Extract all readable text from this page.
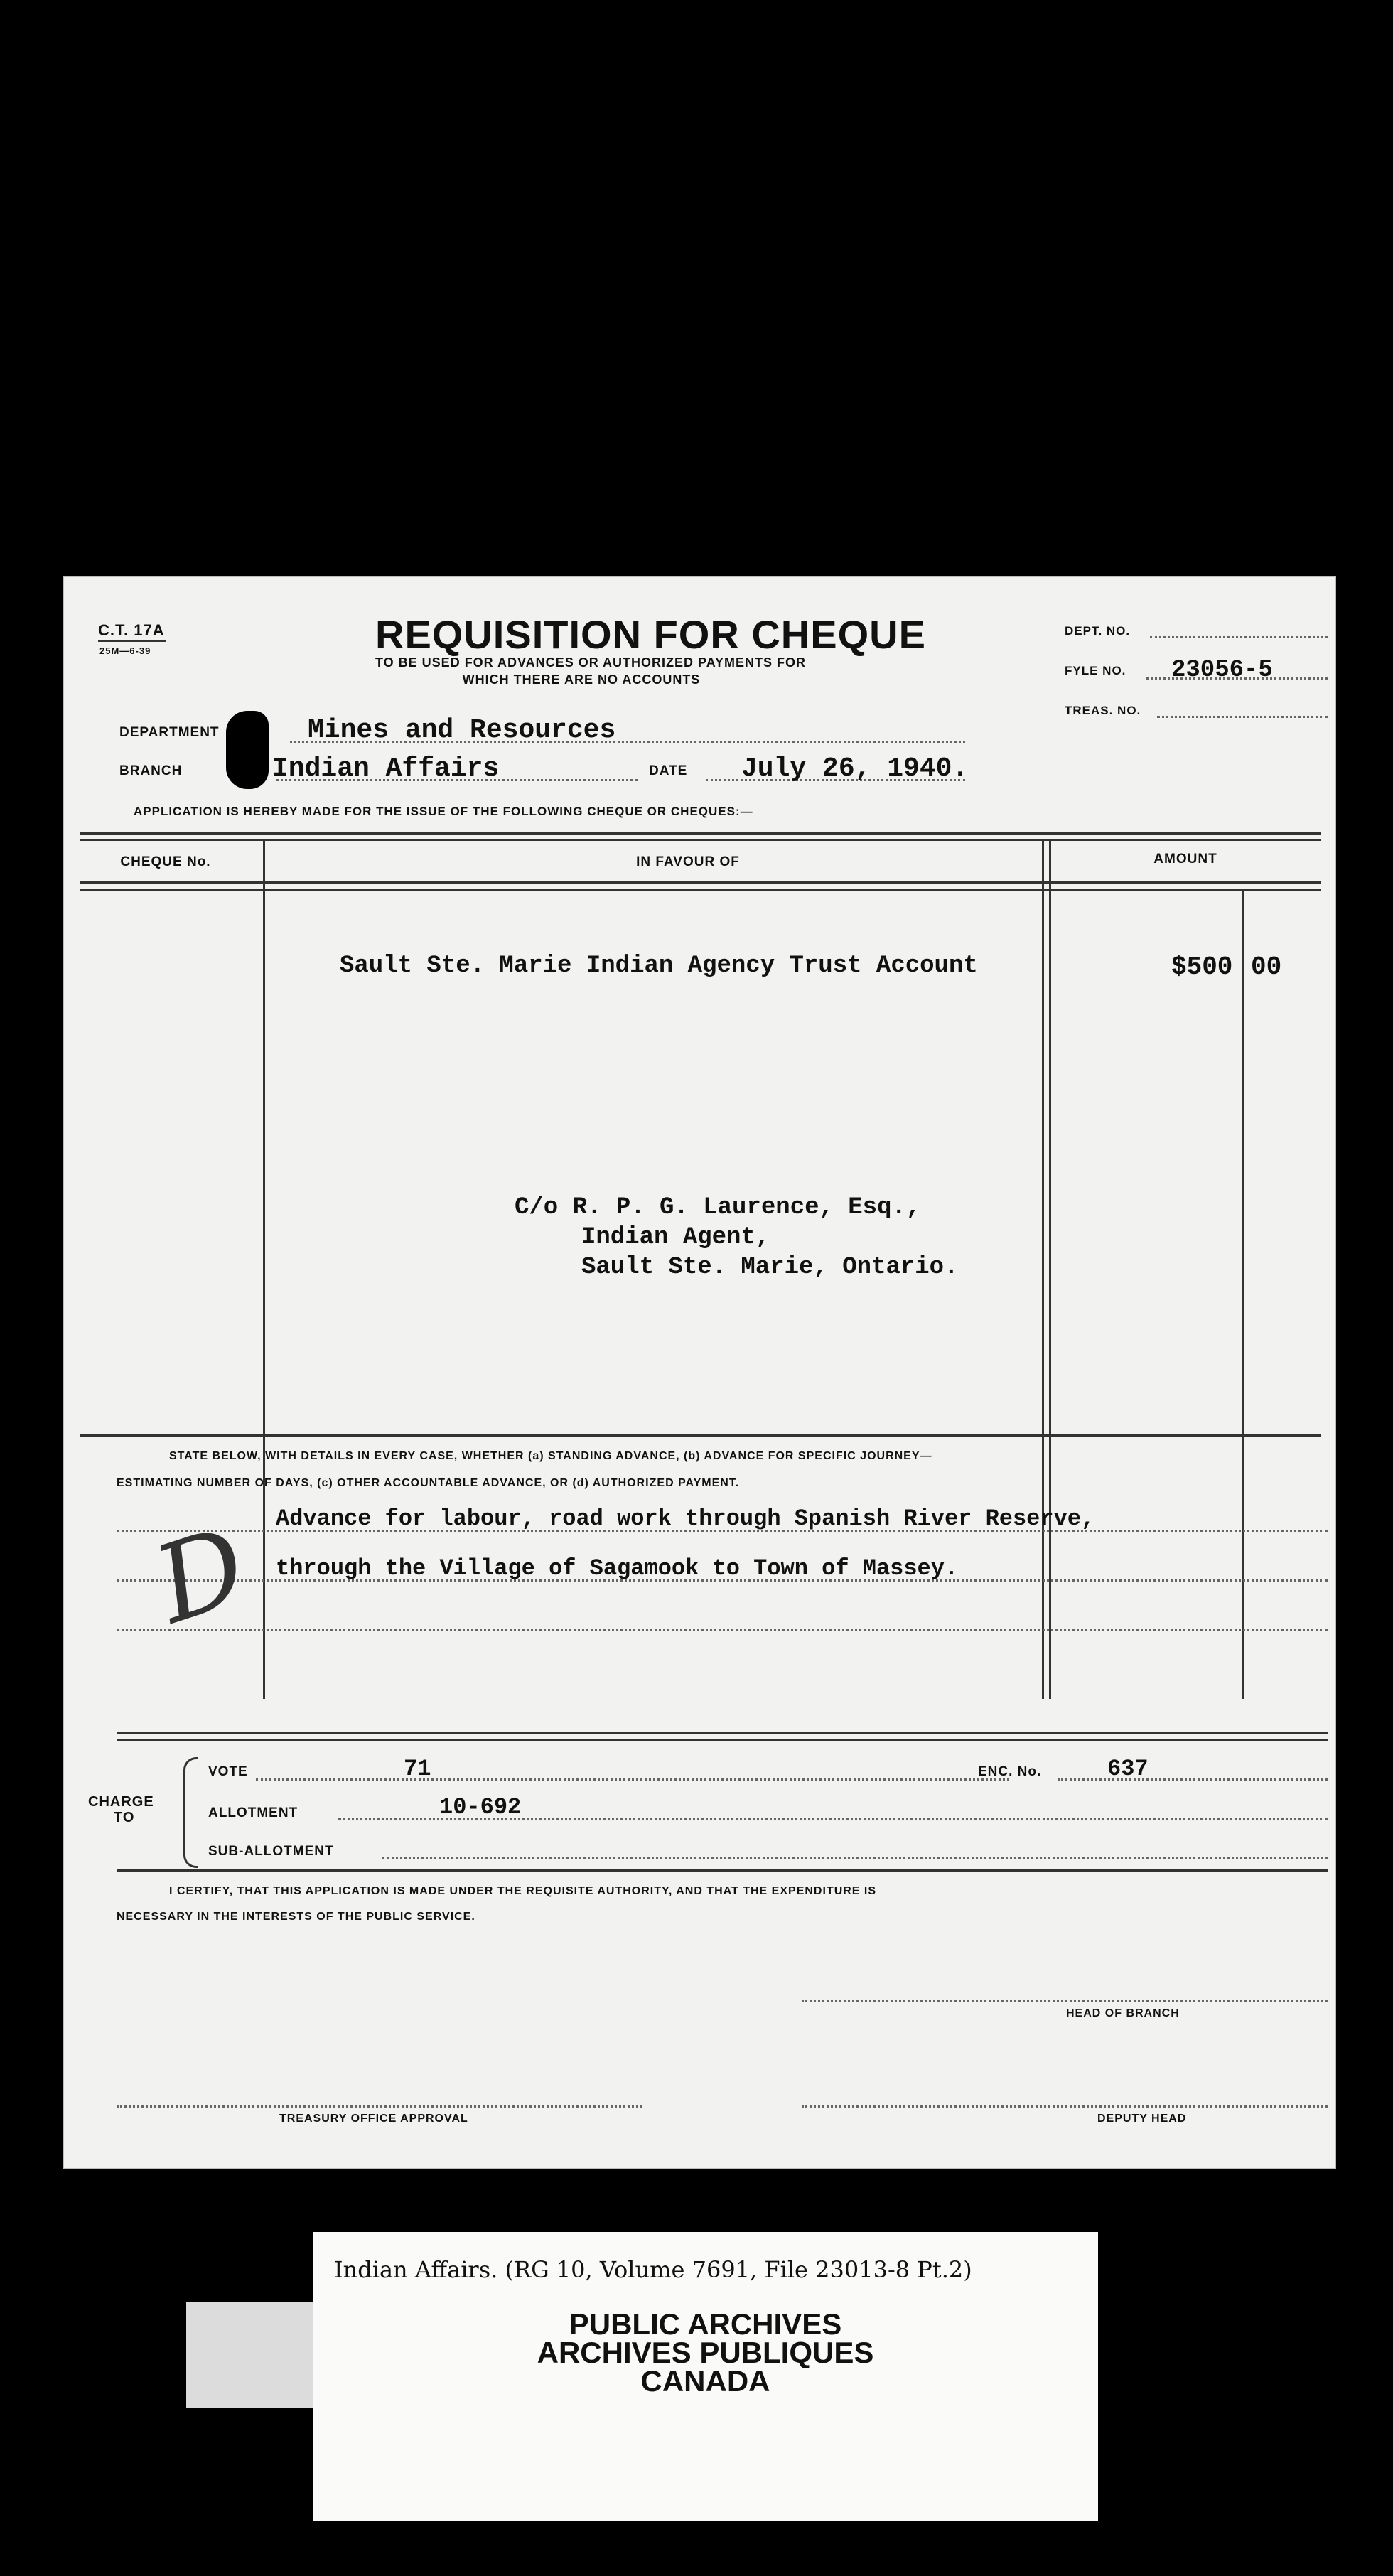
C.T. 17A
25M—6-39	REQUISITION FOR CHEQUE
TO BE USED FOR ADVANCES OR AUTHORIZED PAYMENTS FOR
WHICH THERE ARE NO ACCOUNTS
DEPT. NO.
FYLE NO. 23056-5
TREAS. NO.
DEPARTMENT	Mines and Resources
BRANCH	Indian Affairs	DATE July 26, 1940.
APPLICATION IS HEREBY MADE FOR THE ISSUE OF THE FOLLOWING CHEQUE OR CHEQUES:—
CHEQUE No.	IN FAVOUR OF	AMOUNT
Sault Ste. Marie Indian Agency Trust Account	$500 00
C/o R. P. G. Laurence, Esq.,
Indian Agent,
Sault Ste. Marie, Ontario.
STATE BELOW, WITH DETAILS IN EVERY CASE, WHETHER (a) STANDING ADVANCE, (b) ADVANCE FOR SPECIFIC JOURNEY—
ESTIMATING NUMBER OF DAYS, (c) OTHER ACCOUNTABLE ADVANCE, OR (d) AUTHORIZED PAYMENT.
Advance for labour, road work through Spanish River Reserve,
through the Village of Sagamook to Town of Massey.
D
CHARGE
TO
VOTE	71	ENC. No.	637
ALLOTMENT	10-692
SUB-ALLOTMENT
I CERTIFY, THAT THIS APPLICATION IS MADE UNDER THE REQUISITE AUTHORITY, AND THAT THE EXPENDITURE IS
NECESSARY IN THE INTERESTS OF THE PUBLIC SERVICE.
HEAD OF BRANCH
TREASURY OFFICE APPROVAL	DEPUTY HEAD
Indian Affairs. (RG 10, Volume 7691, File 23013-8 Pt.2)
PUBLIC ARCHIVES
ARCHIVES PUBLIQUES
CANADA
